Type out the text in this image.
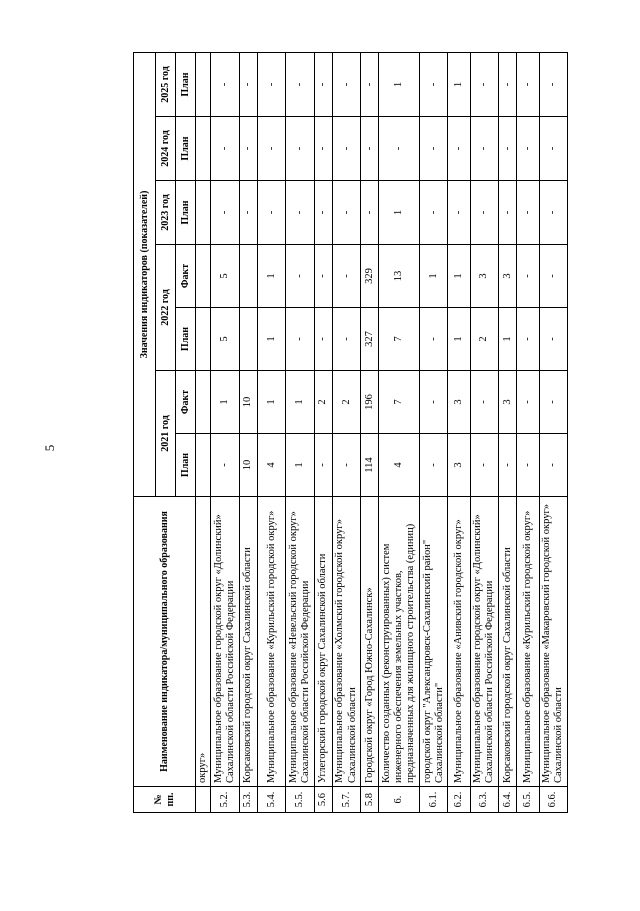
5
№ пп.	Наименование индикатора/муниципального образования	Значения индикаторов (показателей)						
		2021 год		2022 год		2023 год	2024 год	2025 год
		План	Факт	План	Факт	План	План	План
	округ»							
5.2.	Муниципальное образование городской округ «Долинский» Сахалинской области Российской Федерации	-	1	5	5	-	-	-
5.3.	Корсаковский городской округ Сахалинской области	10	10			-	-	-
5.4.	Муниципальное образование «Курильский городской округ»	4	1	1	1	-	-	-
5.5.	Муниципальное образование «Невельский городской округ» Сахалинской области Российской Федерации	1	1	-	-	-	-	-
5.6	Углегорский городской округ Сахалинской области	-	2	-	-	-	-	-
5.7.	Муниципальное образование «Холмский городской округ» Сахалинской области	-	2	-	-	-	-	-
5.8	Городской округ «Город Южно-Сахалинск»	114	196	327	329	-	-	-
6.	Количество созданных (реконструированных) систем инженерного обеспечения земельных участков, предназначенных для жилищного строительства (единиц)	4	7	7	13	1	-	1
6.1.	городской округ "Александровск-Сахалинский район" Сахалинской области"	-	-	-	1	-	-	-
6.2.	Муниципальное образование «Анивский городской округ»	3	3	1	1	-	-	1
6.3.	Муниципальное образование городской округ «Долинский» Сахалинской области Российской Федерации	-	-	2	3	-	-	-
6.4.	Корсаковский городской округ Сахалинской области	-	3	1	3	-	-	-
6.5.	Муниципальное образование «Курильский городской округ»	-	-	-	-	-	-	-
6.6.	Муниципальное образование «Макаровский городской округ» Сахалинской области	-	-	-	-	-	-	-
